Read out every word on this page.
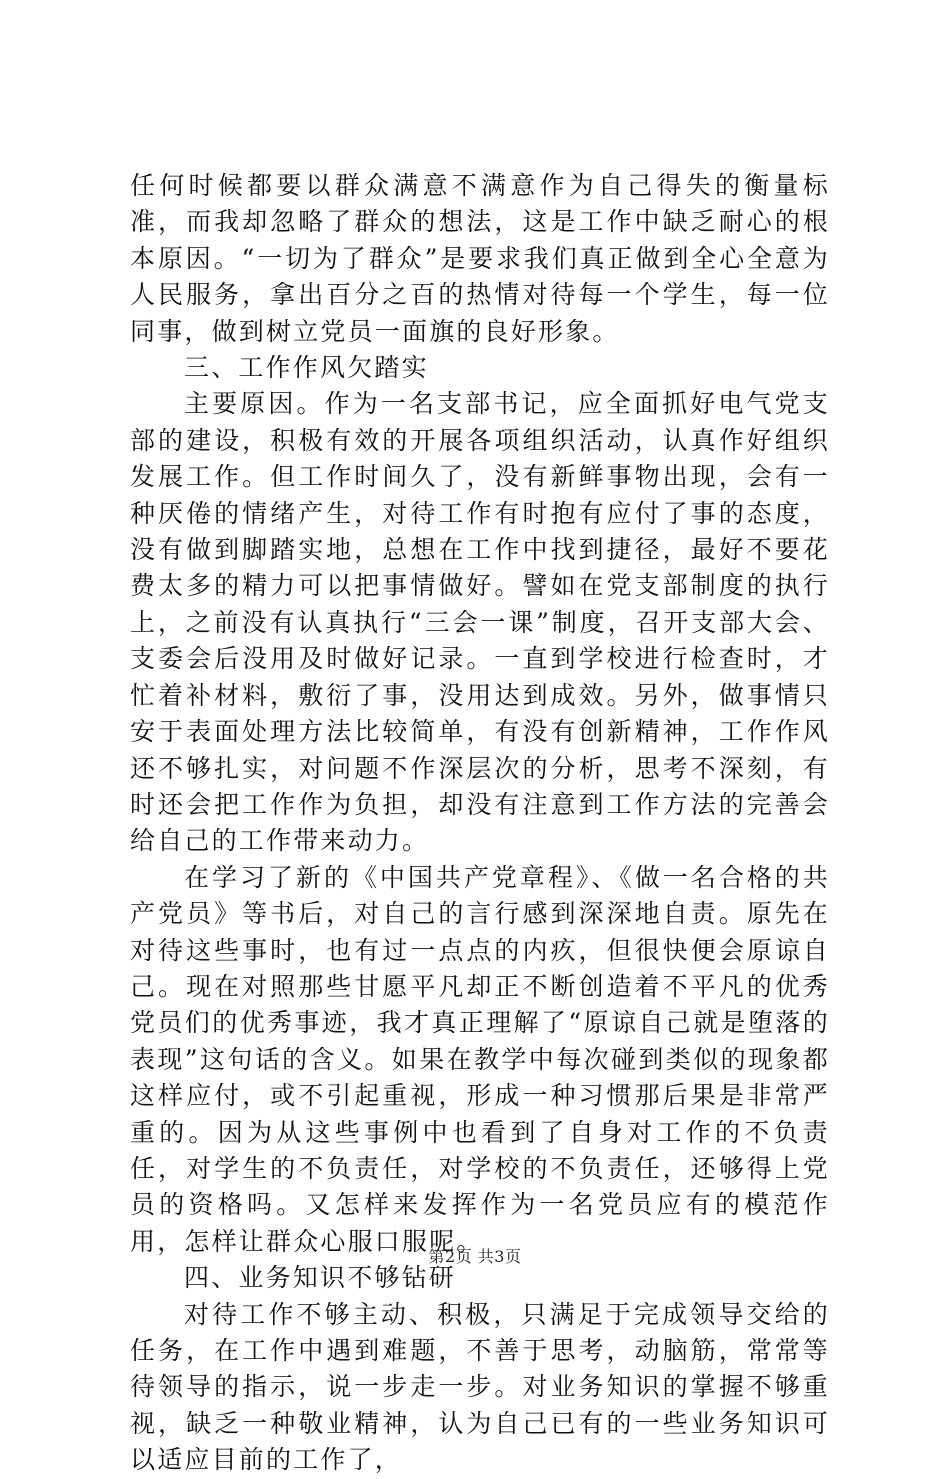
任何时候都要以群众满意不满意作为自己得失的衡量标准，而我却忽略了群众的想法，这是工作中缺乏耐心的根本原因。“一切为了群众”是要求我们真正做到全心全意为人民服务，拿出百分之百的热情对待每一个学生，每一位同事，做到树立党员一面旗的良好形象。

三、工作作风欠踏实

主要原因。作为一名支部书记，应全面抓好电气党支部的建设，积极有效的开展各项组织活动，认真作好组织发展工作。但工作时间久了，没有新鲜事物出现，会有一种厌倦的情绪产生，对待工作有时抱有应付了事的态度，没有做到脚踏实地，总想在工作中找到捷径，最好不要花费太多的精力可以把事情做好。譬如在党支部制度的执行上，之前没有认真执行“三会一课”制度，召开支部大会、支委会后没用及时做好记录。一直到学校进行检查时，才忙着补材料，敷衍了事，没用达到成效。另外，做事情只安于表面处理方法比较简单，有没有创新精神，工作作风还不够扎实，对问题不作深层次的分析，思考不深刻，有时还会把工作作为负担，却没有注意到工作方法的完善会给自己的工作带来动力。

在学习了新的《中国共产党章程》、《做一名合格的共产党员》等书后，对自己的言行感到深深地自责。原先在对待这些事时，也有过一点点的内疚，但很快便会原谅自己。现在对照那些甘愿平凡却正不断创造着不平凡的优秀党员们的优秀事迹，我才真正理解了“原谅自己就是堕落的表现”这句话的含义。如果在教学中每次碰到类似的现象都这样应付，或不引起重视，形成一种习惯那后果是非常严重的。因为从这些事例中也看到了自身对工作的不负责任，对学生的不负责任，对学校的不负责任，还够得上党员的资格吗。又怎样来发挥作为一名党员应有的模范作用，怎样让群众心服口服呢。

四、业务知识不够钻研

对待工作不够主动、积极，只满足于完成领导交给的任务，在工作中遇到难题，不善于思考，动脑筋，常常等待领导的指示，说一步走一步。对业务知识的掌握不够重视，缺乏一种敬业精神，认为自己已有的一些业务知识可以适应目前的工作了，

第2页 共3页
